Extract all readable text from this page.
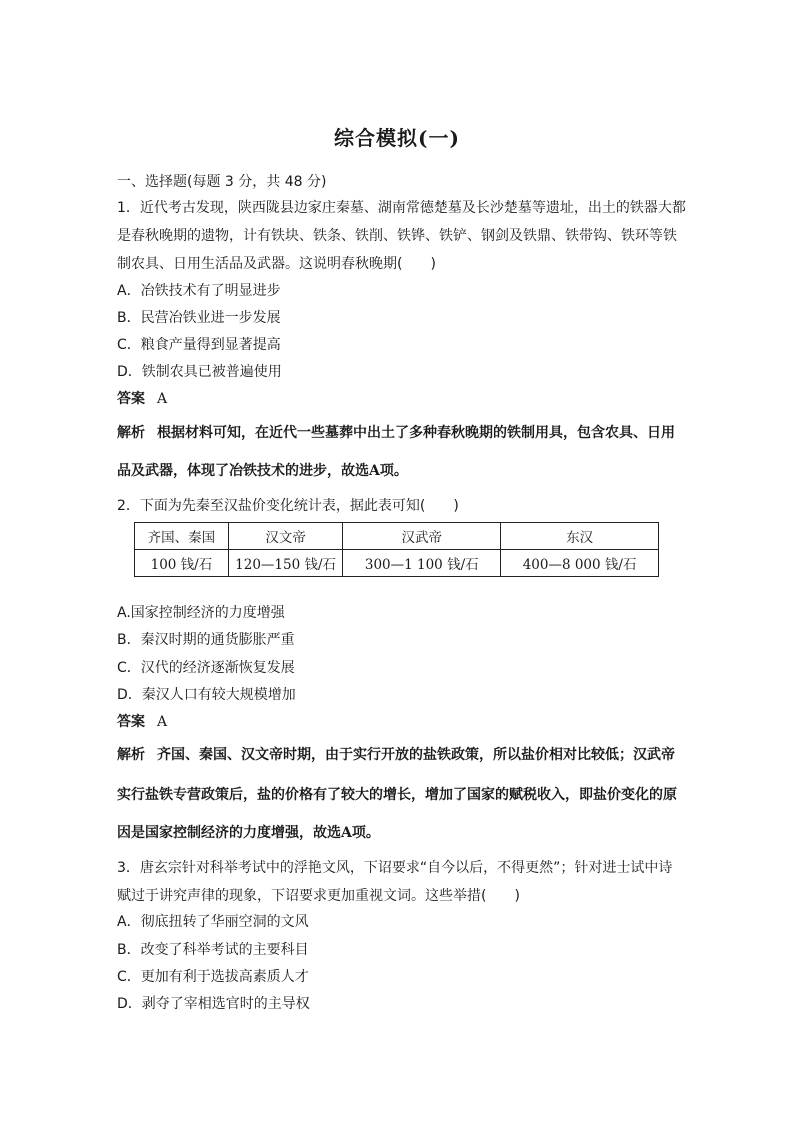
综合模拟(一)
一、选择题(每题 3 分，共 48 分)
1．近代考古发现，陕西陇县边家庄秦墓、湖南常德楚墓及长沙楚墓等遗址，出土的铁器大都
是春秋晚期的遗物，计有铁块、铁条、铁削、铁铧、铁铲、钢剑及铁鼎、铁带钩、铁环等铁
制农具、日用生活品及武器。这说明春秋晚期(　　)
A．冶铁技术有了明显进步
B．民营冶铁业进一步发展
C．粮食产量得到显著提高
D．铁制农具已被普遍使用
答案 A
解析 根据材料可知，在近代一些墓葬中出土了多种春秋晚期的铁制用具，包含农具、日用
品及武器，体现了冶铁技术的进步，故选A项。
2．下面为先秦至汉盐价变化统计表，据此表可知(　　)
齐国、秦国	汉文帝	汉武帝	东汉
100 钱/石	120—150 钱/石	300—1 100 钱/石	400—8 000 钱/石
A.国家控制经济的力度增强
B．秦汉时期的通货膨胀严重
C．汉代的经济逐渐恢复发展
D．秦汉人口有较大规模增加
答案 A
解析 齐国、秦国、汉文帝时期，由于实行开放的盐铁政策，所以盐价相对比较低；汉武帝
实行盐铁专营政策后，盐的价格有了较大的增长，增加了国家的赋税收入，即盐价变化的原
因是国家控制经济的力度增强，故选A项。
3．唐玄宗针对科举考试中的浮艳文风，下诏要求“自今以后，不得更然”；针对进士试中诗
赋过于讲究声律的现象，下诏要求更加重视文词。这些举措(　　)
A．彻底扭转了华丽空洞的文风
B．改变了科举考试的主要科目
C．更加有利于选拔高素质人才
D．剥夺了宰相选官时的主导权
